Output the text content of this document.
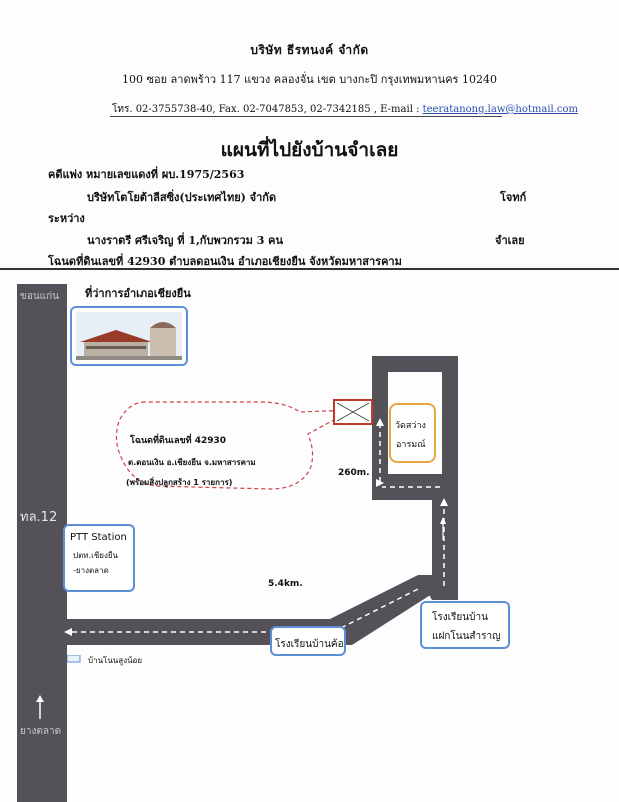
บริษัท ธีรทนงค์ จำกัด
100 ซอย ลาดพร้าว 117 แขวง คลองจั่น เขต บางกะปิ กรุงเทพมหานคร 10240
โทร. 02-3755738-40, Fax. 02-7047853, 02-7342185 , E-mail : teeratanong.law@hotmail.com
แผนที่ไปยังบ้านจำเลย
คดีแพ่ง หมายเลขแดงที่ ผบ.1975/2563
บริษัทโตโยต้าลีสซิ่ง(ประเทศไทย) จำกัด	โจทก์
ระหว่าง
นางราตรี ศรีเจริญ ที่ 1,กับพวกรวม 3 คน	จำเลย
โฉนดที่ดินเลขที่ 42930 ตำบลดอนเงิน อำเภอเชียงยืน จังหวัดมหาสารคาม
ขอนแก่น
ทล.12
ยางตลาด
ที่ว่าการอำเภอเชียงยืน
PTT Station
ปตท.เชียงยืน
-ยางตลาด
โฉนดที่ดินเลขที่ 42930
ต.ดอนเงิน อ.เชียงยืน จ.มหาสารคาม
(พร้อมสิ่งปลูกสร้าง 1 รายการ)
วัดสว่าง
อารมณ์
260m.
5.4km.
โรงเรียนบ้านค้อ
โรงเรียนบ้าน
แฝกโนนสำราญ
บ้านโนนสูงน้อย
